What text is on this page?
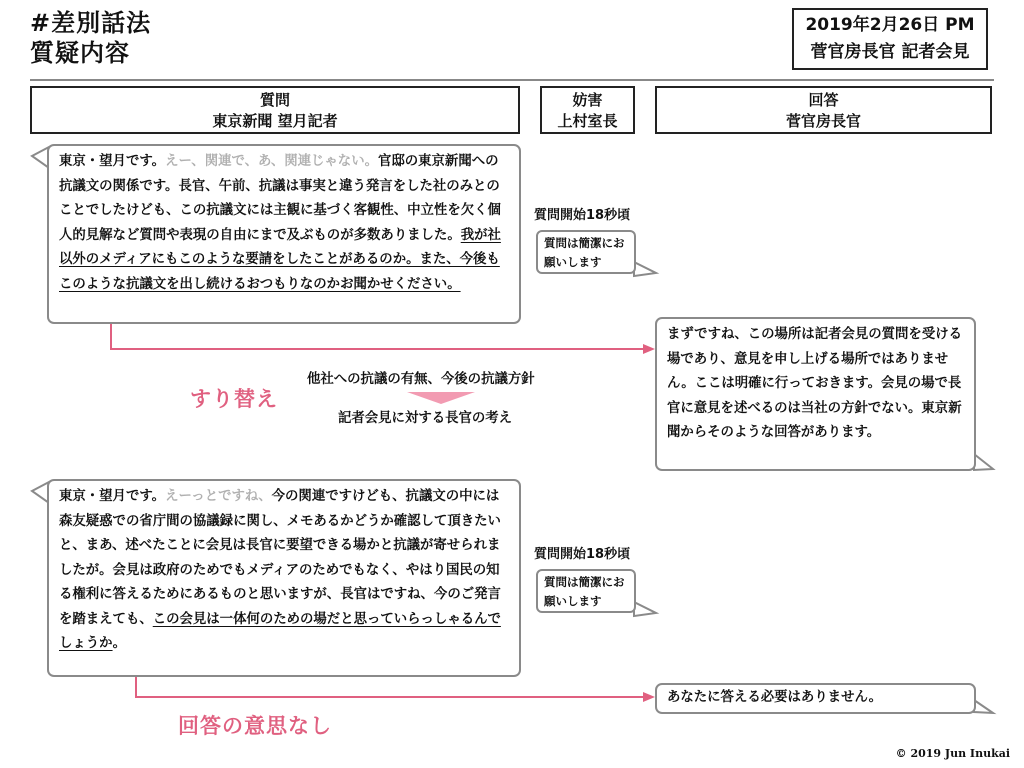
#差別話法
質疑内容
2019年2月26日 PM
菅官房長官 記者会見
質問
東京新聞 望月記者
妨害
上村室長
回答
菅官房長官
東京・望月です。えー、関連で、あ、関連じゃない。官邸の東京新聞への抗議文の関係です。長官、午前、抗議は事実と違う発言をした社のみとのことでしたけども、この抗議文には主観に基づく客観性、中立性を欠く個人的見解など質問や表現の自由にまで及ぶものが多数ありました。我が社以外のメディアにもこのような要請をしたことがあるのか。また、今後もこのような抗議文を出し続けるおつもりなのかお聞かせください。
質問開始18秒頃
質問は簡潔にお願いします
まずですね、この場所は記者会見の質問を受ける場であり、意見を申し上げる場所ではありません。ここは明確に行っておきます。会見の場で長官に意見を述べるのは当社の方針でない。東京新聞からそのような回答があります。
すり替え
他社への抗議の有無、今後の抗議方針
記者会見に対する長官の考え
東京・望月です。えーっとですね、今の関連ですけども、抗議文の中には森友疑惑での省庁間の協議録に関し、メモあるかどうか確認して頂きたいと、まあ、述べたことに会見は長官に要望できる場かと抗議が寄せられましたが。会見は政府のためでもメディアのためでもなく、やはり国民の知る権利に答えるためにあるものと思いますが、長官はですね、今のご発言を踏まえても、この会見は一体何のための場だと思っていらっしゃるんでしょうか。
質問開始18秒頃
質問は簡潔にお願いします
あなたに答える必要はありません。
回答の意思なし
© 2019 Jun Inukai
